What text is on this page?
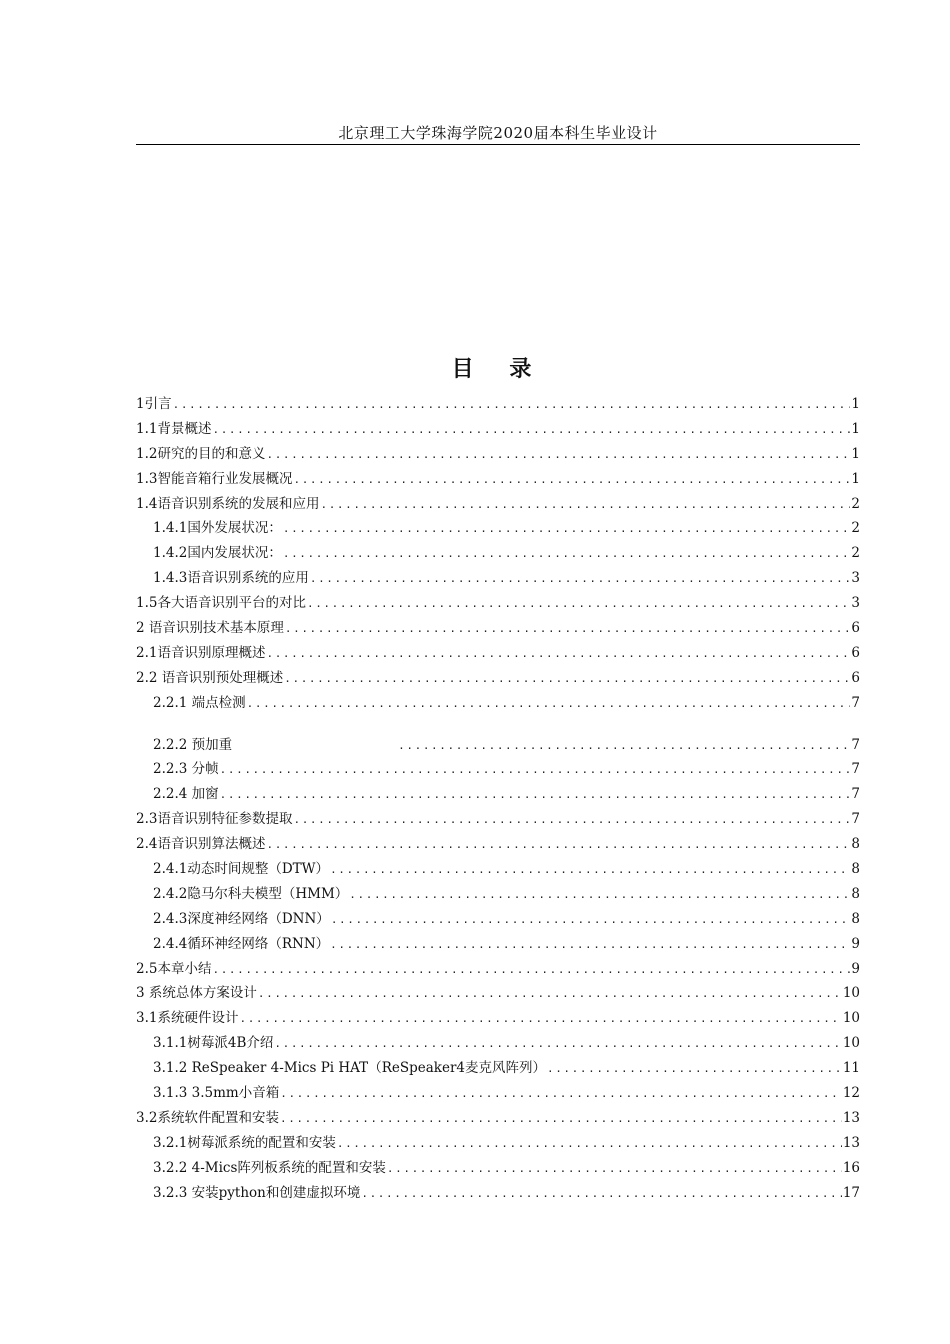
北京理工大学珠海学院2020届本科生毕业设计
目 录
1引言 .....	1
1.1背景概述 .....	1
1.2研究的目的和意义 .....	1
1.3智能音箱行业发展概况 .....	1
1.4语音识别系统的发展和应用 .....	2
1.4.1国外发展状况： .....	2
1.4.2国内发展状况： .....	2
1.4.3语音识别系统的应用 .....	3
1.5各大语音识别平台的对比 .....	3
2 语音识别技术基本原理 .....	6
2.1语音识别原理概述 .....	6
2.2 语音识别预处理概述 .....	6
2.2.1 端点检测 .....	7
2.2.2 预加重 .....	7
2.2.3 分帧 .....	7
2.2.4 加窗 .....	7
2.3语音识别特征参数提取 .....	7
2.4语音识别算法概述 .....	8
2.4.1动态时间规整（DTW） .....	8
2.4.2隐马尔科夫模型（HMM） .....	8
2.4.3深度神经网络（DNN） .....	8
2.4.4循环神经网络（RNN） .....	9
2.5本章小结 .....	9
3 系统总体方案设计 .....	10
3.1系统硬件设计 .....	10
3.1.1树莓派4B介绍 .....	10
3.1.2 ReSpeaker 4-Mics Pi HAT（ReSpeaker4麦克风阵列） .....	11
3.1.3 3.5mm小音箱 .....	12
3.2系统软件配置和安装 .....	13
3.2.1树莓派系统的配置和安装 .....	13
3.2.2 4-Mics阵列板系统的配置和安装 .....	16
3.2.3 安装python和创建虚拟环境 .....	17
